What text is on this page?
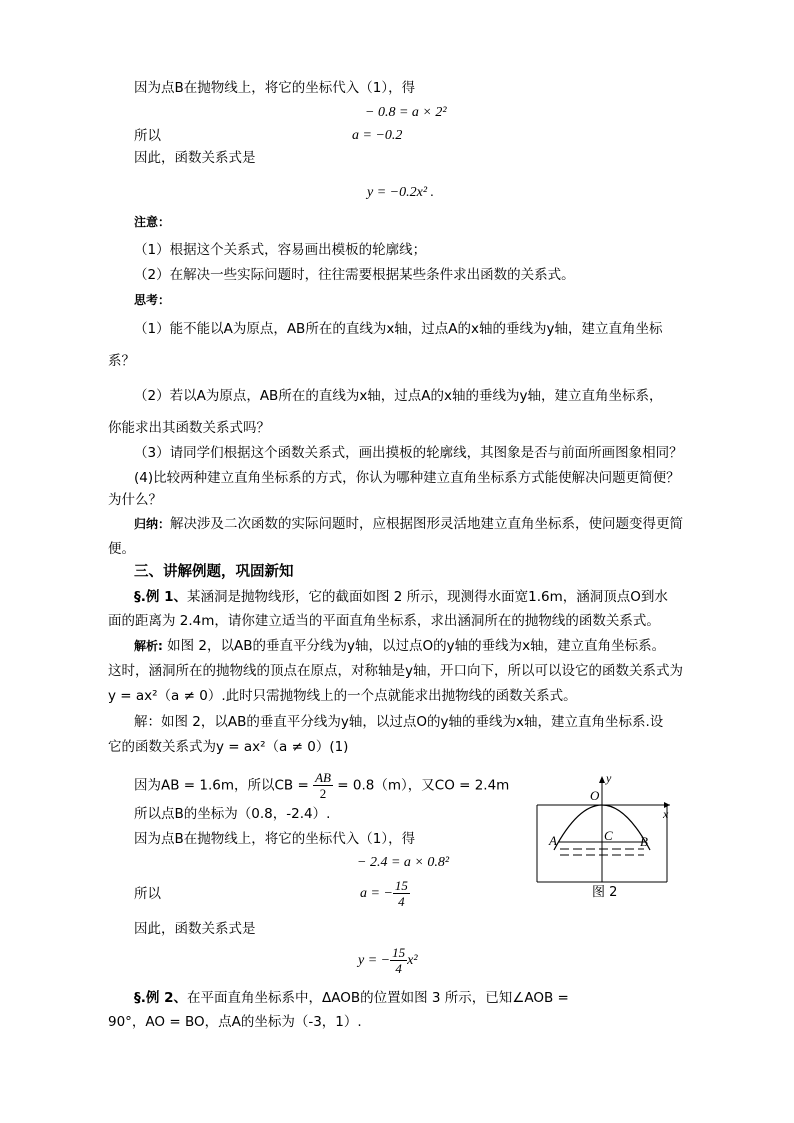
因为点B在抛物线上，将它的坐标代入（1），得
− 0.8 = a × 2²
所以	a = −0.2
因此，函数关系式是
y = −0.2x² .
注意：
（1）根据这个关系式，容易画出模板的轮廓线；
（2）在解决一些实际问题时，往往需要根据某些条件求出函数的关系式。
思考：
（1）能不能以A为原点，AB所在的直线为x轴，过点A的x轴的垂线为y轴，建立直角坐标
系？
（2）若以A为原点，AB所在的直线为x轴，过点A的x轴的垂线为y轴，建立直角坐标系，
你能求出其函数关系式吗？
（3）请同学们根据这个函数关系式，画出摸板的轮廓线，其图象是否与前面所画图象相同？
(4)比较两种建立直角坐标系的方式，你认为哪种建立直角坐标系方式能使解决问题更简便？
为什么？
归纳：解决涉及二次函数的实际问题时，应根据图形灵活地建立直角坐标系，使问题变得更简
便。
三、讲解例题，巩固新知
§.例 1、某涵洞是抛物线形，它的截面如图 2 所示，现测得水面宽1.6m，涵洞顶点O到水
面的距离为 2.4m，请你建立适当的平面直角坐标系，求出涵洞所在的抛物线的函数关系式。
解析: 如图 2，以AB的垂直平分线为y轴，以过点O的y轴的垂线为x轴，建立直角坐标系。
这时，涵洞所在的抛物线的顶点在原点，对称轴是y轴，开口向下，所以可以设它的函数关系式为
y = ax²（a ≠ 0）.此时只需抛物线上的一个点就能求出抛物线的函数关系式。
解：如图 2，以AB的垂直平分线为y轴，以过点O的y轴的垂线为x轴，建立直角坐标系.设
它的函数关系式为y = ax²（a ≠ 0）(1)
因为AB = 1.6m，所以CB = $\frac{AB}{2} = 0.8(m)$，又CO = 2.4m
所以点B的坐标为（0.8，-2.4）.
因为点B在抛物线上，将它的坐标代入（1），得
− 2.4 = a × 0.8²
所以	a = − $\frac{15}{4}$
因此，函数关系式是
y = − $\frac{15}{4} x^2$
§.例 2、在平面直角坐标系中，ΔAOB的位置如图 3 所示，已知∠AOB =
90°，AO = BO，点A的坐标为（-3，1）.
y
x
O
A	B
C
图 2
